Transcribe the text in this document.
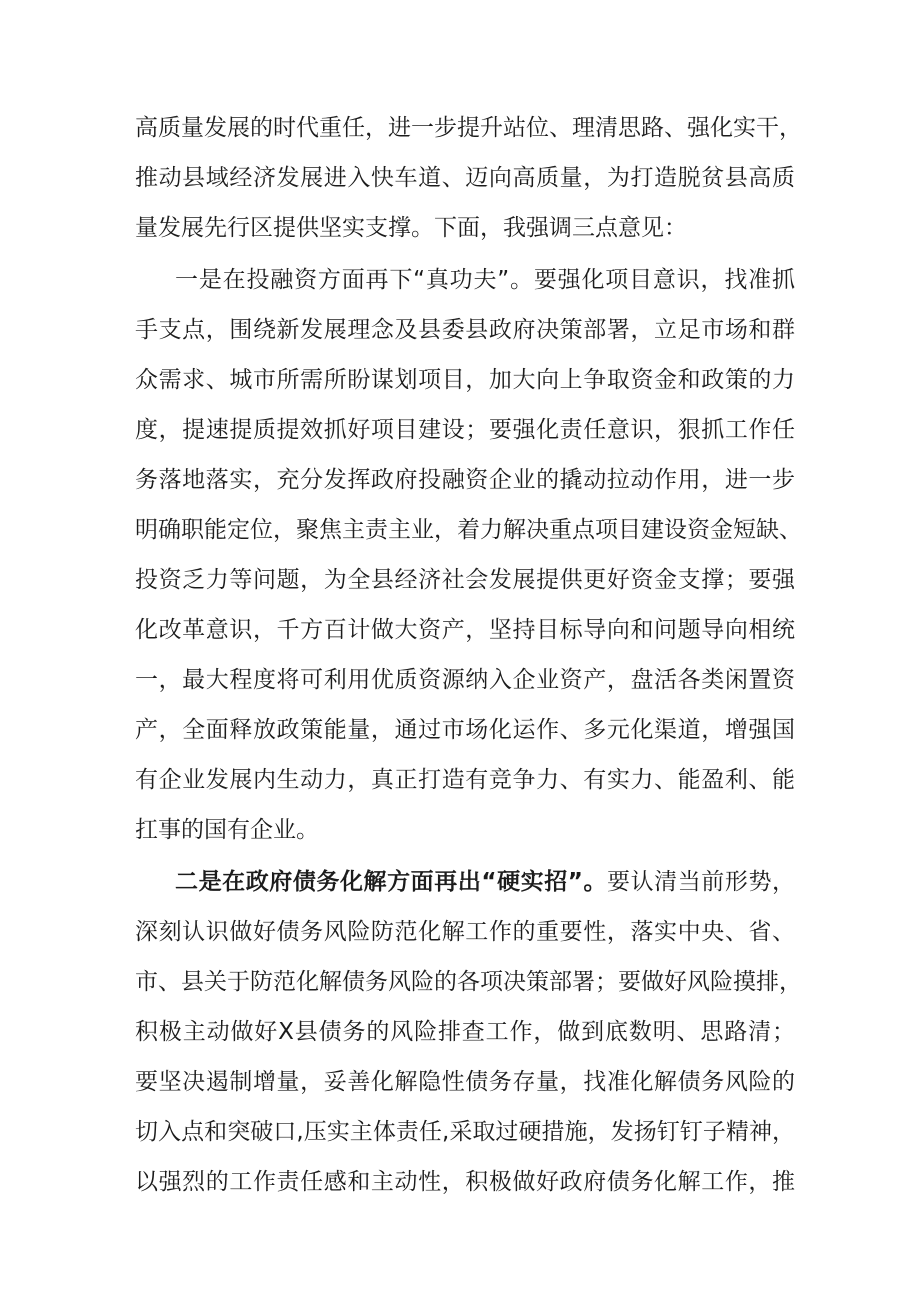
高质量发展的时代重任，进一步提升站位、理清思路、强化实干，
推动县域经济发展进入快车道、迈向高质量，为打造脱贫县高质
量发展先行区提供坚实支撑。下面，我强调三点意见：
一是在投融资方面再下“真功夫”。要强化项目意识，找准抓
手支点，围绕新发展理念及县委县政府决策部署，立足市场和群
众需求、城市所需所盼谋划项目，加大向上争取资金和政策的力
度，提速提质提效抓好项目建设；要强化责任意识，狠抓工作任
务落地落实，充分发挥政府投融资企业的撬动拉动作用，进一步
明确职能定位，聚焦主责主业，着力解决重点项目建设资金短缺、
投资乏力等问题，为全县经济社会发展提供更好资金支撑；要强
化改革意识，千方百计做大资产，坚持目标导向和问题导向相统
一，最大程度将可利用优质资源纳入企业资产，盘活各类闲置资
产，全面释放政策能量，通过市场化运作、多元化渠道，增强国
有企业发展内生动力，真正打造有竞争力、有实力、能盈利、能
扛事的国有企业。
二是在政府债务化解方面再出“硬实招”。要认清当前形势，
深刻认识做好债务风险防范化解工作的重要性，落实中央、省、
市、县关于防范化解债务风险的各项决策部署；要做好风险摸排，
积极主动做好X县债务的风险排查工作，做到底数明、思路清；
要坚决遏制增量，妥善化解隐性债务存量，找准化解债务风险的
切入点和突破口,压实主体责任,采取过硬措施，发扬钉钉子精神，
以强烈的工作责任感和主动性，积极做好政府债务化解工作，推
